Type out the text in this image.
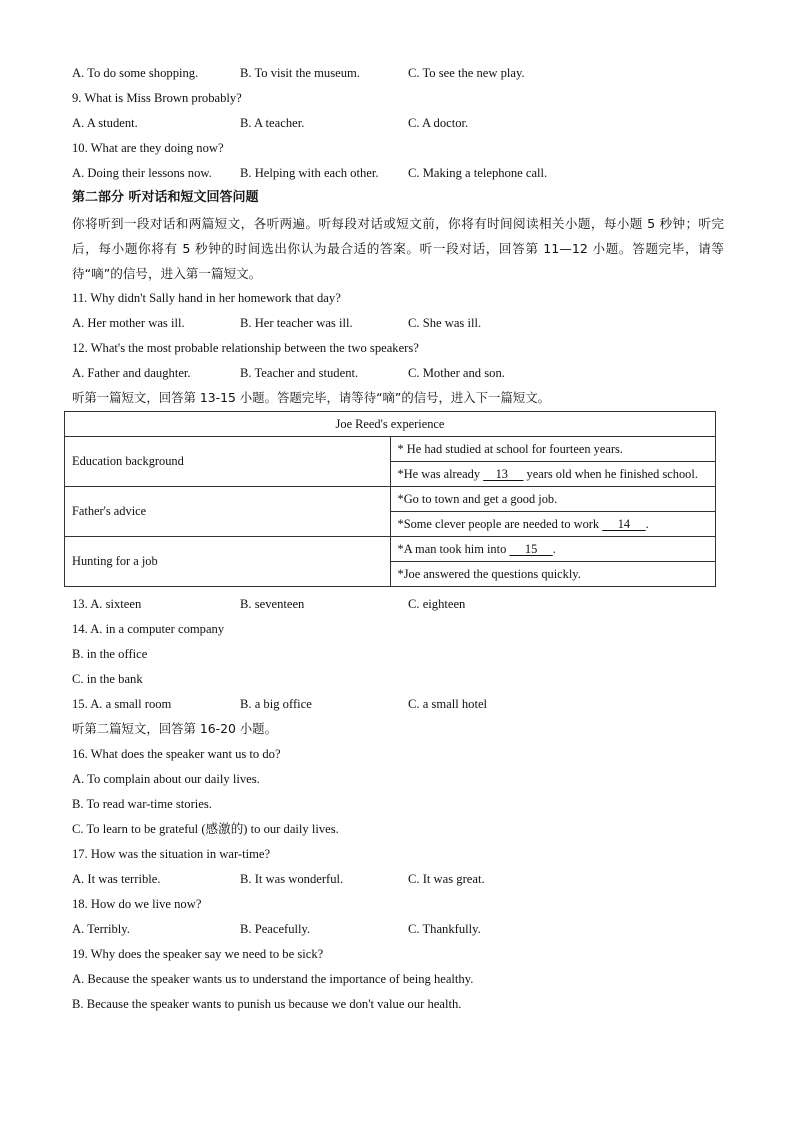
A. To do some shopping.	B. To visit the museum.	C. To see the new play.
9. What is Miss Brown probably?
A. A student.	B. A teacher.	C. A doctor.
10. What are they doing now?
A. Doing their lessons now. B. Helping with each other. C. Making a telephone call.
第二部分 听对话和短文回答问题
你将听到一段对话和两篇短文，各听两遍。听每段对话或短文前，你将有时间阅读相关小题，每小题 5 秒钟；听完后，每小题你将有 5 秒钟的时间选出你认为最合适的答案。听一段对话，回答第 11—12 小题。答题完毕，请等待“嘀”的信号，进入第一篇短文。
11. Why didn't Sally hand in her homework that day?
A. Her mother was ill.	B. Her teacher was ill.	C. She was ill.
12. What's the most probable relationship between the two speakers?
A. Father and daughter.	B. Teacher and student.	C. Mother and son.
听第一篇短文，回答第 13-15 小题。答题完毕，请等待“嘀”的信号，进入下一篇短文。
Joe Reed's experience	
Education background	* He had studied at school for fourteen years.
	*He was already     13      years old when he finished school.
Father's advice	*Go to town and get a good job.
	*Some clever people are needed to work      14 .
Hunting for a job	*A man took him into      15 .
	*Joe answered the questions quickly.
13. A. sixteen	B. seventeen	C. eighteen
14. A. in a computer company
B. in the office
C. in the bank
15. A. a small room	B. a big office	C. a small hotel
听第二篇短文，回答第 16-20 小题。
16. What does the speaker want us to do?
A. To complain about our daily lives.
B. To read war-time stories.
C. To learn to be grateful (感激的) to our daily lives.
17. How was the situation in war-time?
A. It was terrible.	B. It was wonderful.	C. It was great.
18. How do we live now?
A. Terribly.	B. Peacefully.	C. Thankfully.
19. Why does the speaker say we need to be sick?
A. Because the speaker wants us to understand the importance of being healthy.
B. Because the speaker wants to punish us because we don't value our health.
